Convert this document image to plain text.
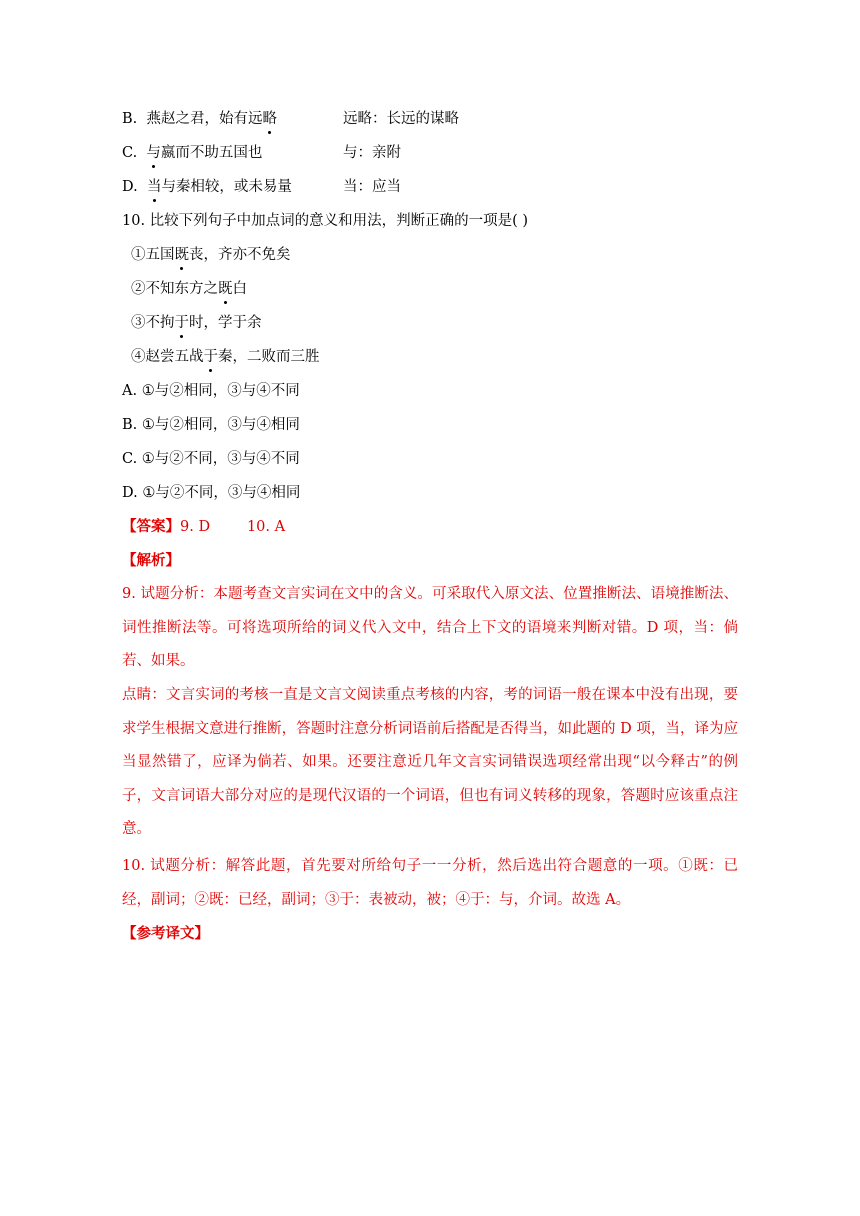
B.  燕赵之君，始有远略	远略：长远的谋略
C.  与嬴而不助五国也	与：亲附
D.  当与秦相较，或未易量	当：应当
10. 比较下列句子中加点词的意义和用法，判断正确的一项是( )
①五国既丧，齐亦不免矣
②不知东方之既白
③不拘于时，学于余
④赵尝五战于秦，二败而三胜
A. ①与②相同，③与④不同
B. ①与②相同，③与④相同
C. ①与②不同，③与④不同
D. ①与②不同，③与④相同
【答案】9. D        10. A
【解析】
9. 试题分析：本题考查文言实词在文中的含义。可采取代入原文法、位置推断法、语境推断法、词性推断法等。可将选项所给的词义代入文中，结合上下文的语境来判断对错。D 项，当：倘若、如果。
点睛：文言实词的考核一直是文言文阅读重点考核的内容，考的词语一般在课本中没有出现，要求学生根据文意进行推断，答题时注意分析词语前后搭配是否得当，如此题的 D 项，当，译为应当显然错了，应译为倘若、如果。还要注意近几年文言实词错误选项经常出现“以今释古”的例子，文言词语大部分对应的是现代汉语的一个词语，但也有词义转移的现象，答题时应该重点注意。
10. 试题分析：解答此题，首先要对所给句子一一分析，然后选出符合题意的一项。①既：已经，副词；②既：已经，副词；③于：表被动，被；④于：与，介词。故选 A。
【参考译文】
